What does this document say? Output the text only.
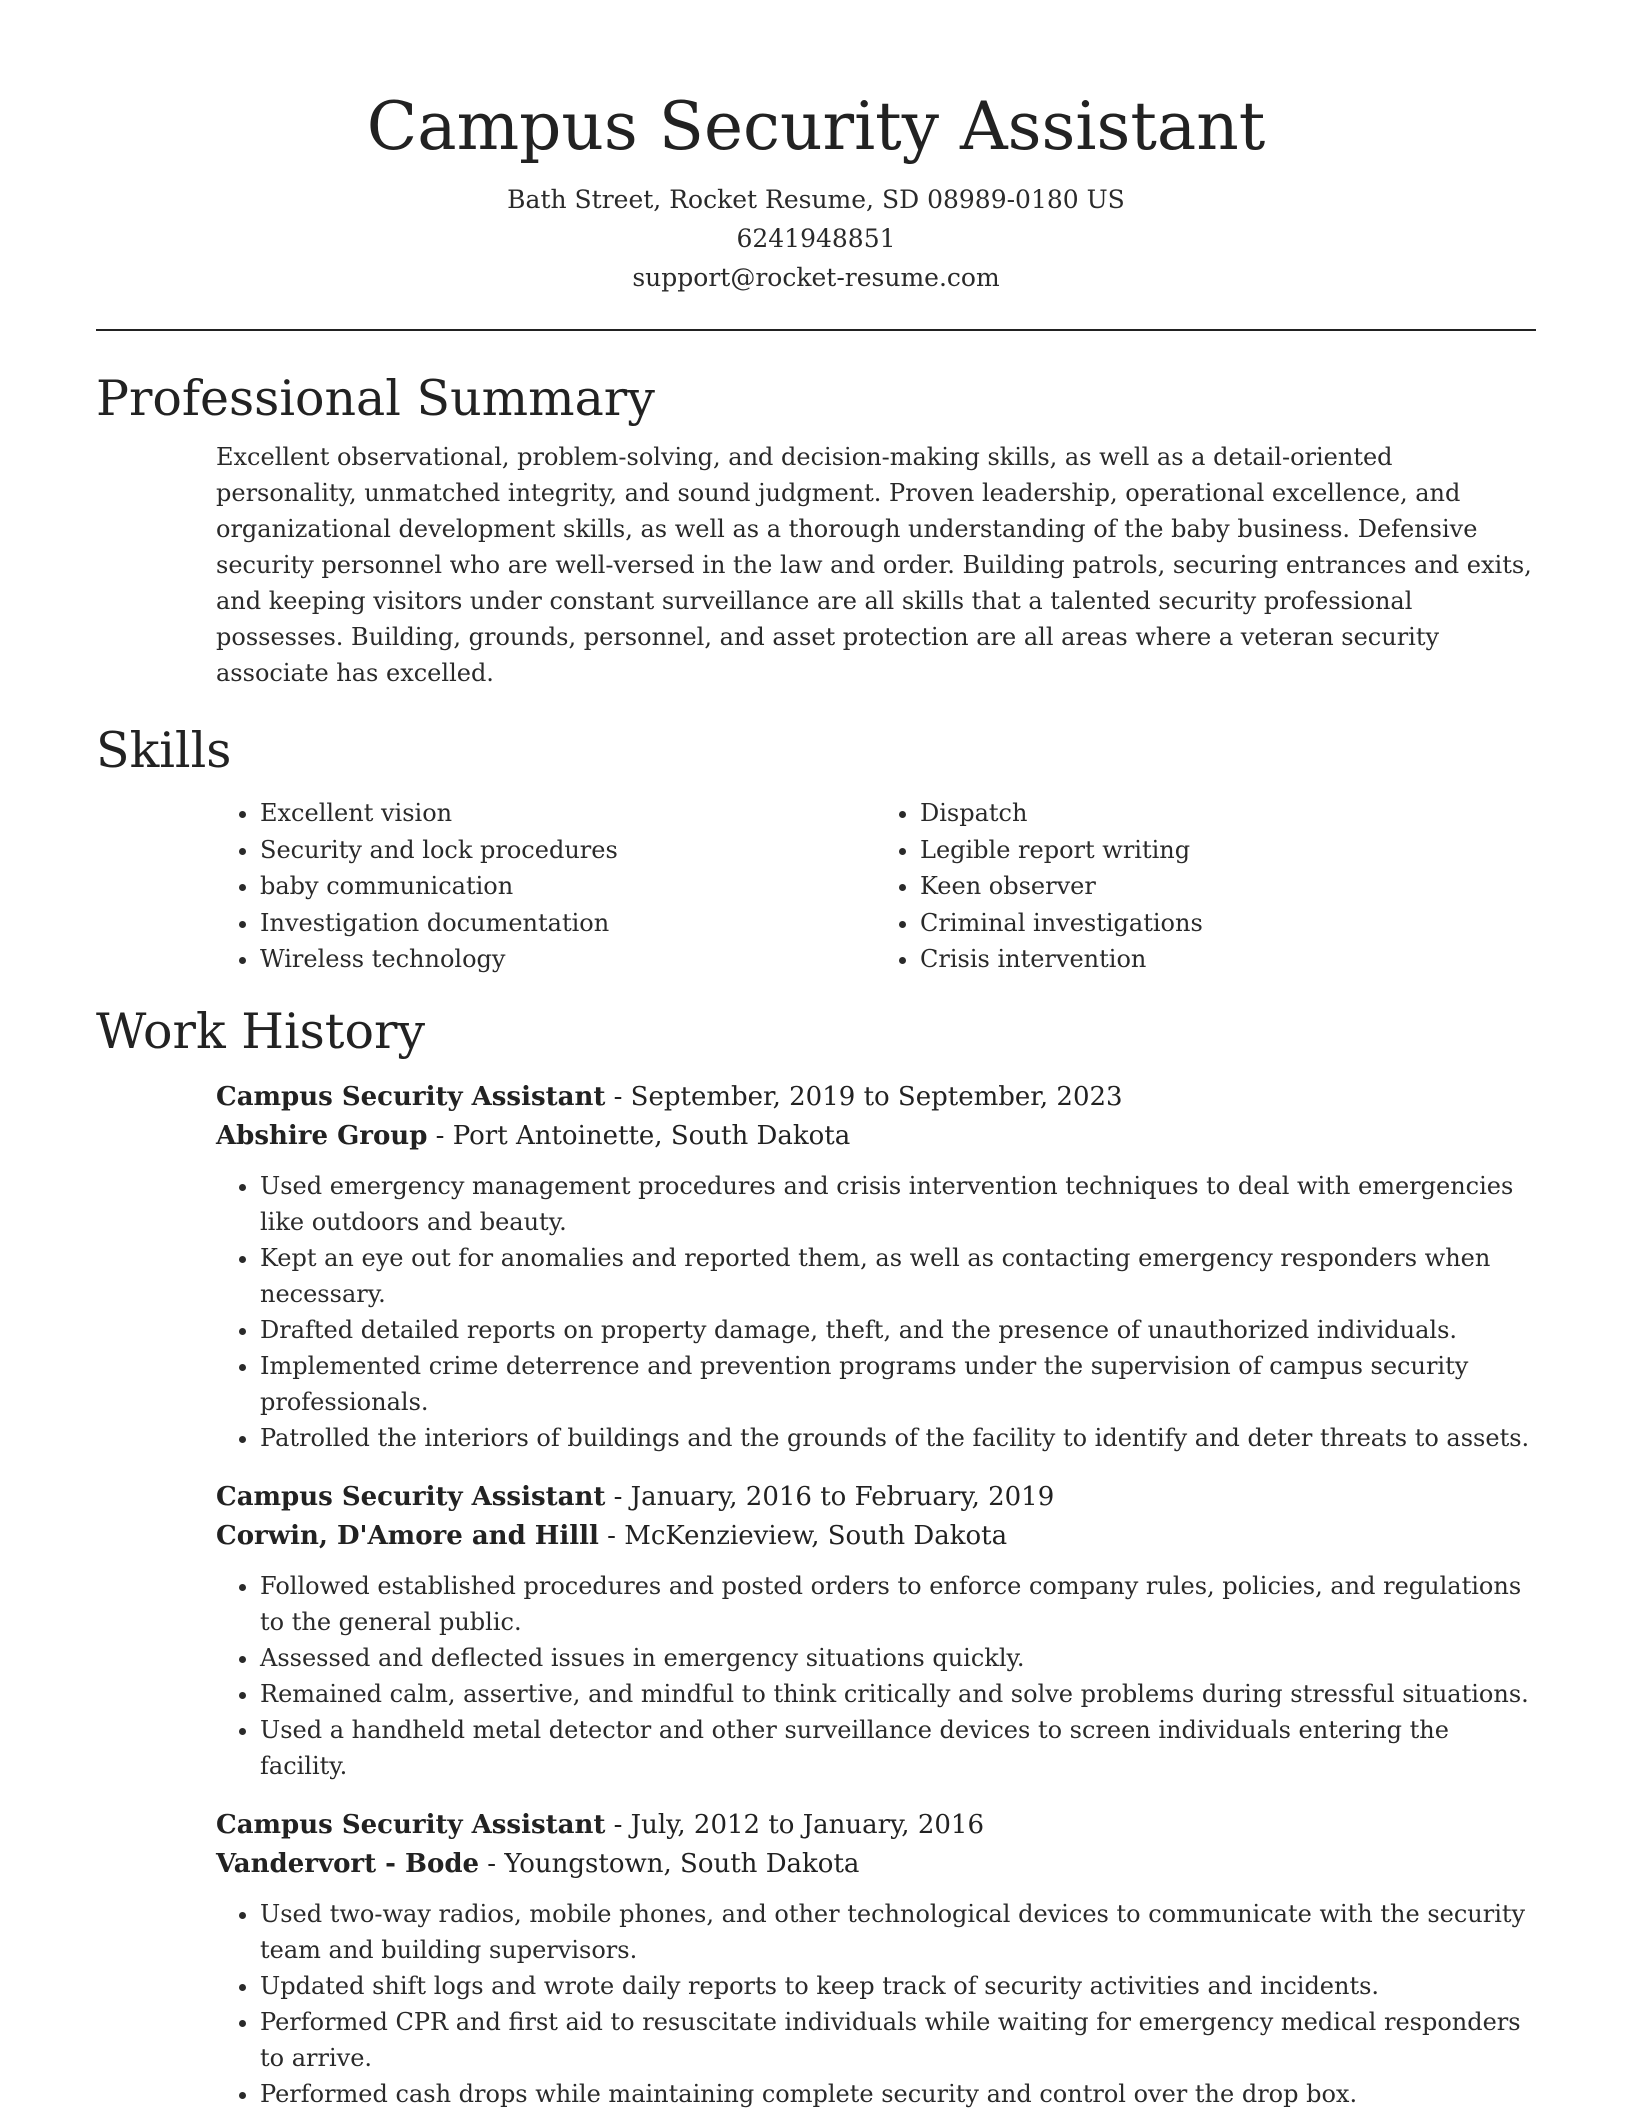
Campus Security Assistant
Bath Street, Rocket Resume, SD 08989-0180 US
6241948851
support@rocket-resume.com
Professional Summary

Excellent observational, problem-solving, and decision-making skills, as well as a detail-oriented personality, unmatched integrity, and sound judgment. Proven leadership, operational excellence, and organizational development skills, as well as a thorough understanding of the baby business. Defensive security personnel who are well-versed in the law and order. Building patrols, securing entrances and exits, and keeping visitors under constant surveillance are all skills that a talented security professional possesses. Building, grounds, personnel, and asset protection are all areas where a veteran security associate has excelled.

Skills
• Excellent vision
• Security and lock procedures
• baby communication
• Investigation documentation
• Wireless technology
• Dispatch
• Legible report writing
• Keen observer
• Criminal investigations
• Crisis intervention
Work History
Campus Security Assistant - September, 2019 to September, 2023
Abshire Group - Port Antoinette, South Dakota
• Used emergency management procedures and crisis intervention techniques to deal with emergencies like outdoors and beauty.
• Kept an eye out for anomalies and reported them, as well as contacting emergency responders when necessary.
• Drafted detailed reports on property damage, theft, and the presence of unauthorized individuals.
• Implemented crime deterrence and prevention programs under the supervision of campus security professionals.
• Patrolled the interiors of buildings and the grounds of the facility to identify and deter threats to assets.
Campus Security Assistant - January, 2016 to February, 2019
Corwin, D'Amore and Hilll - McKenzieview, South Dakota
• Followed established procedures and posted orders to enforce company rules, policies, and regulations to the general public.
• Assessed and deflected issues in emergency situations quickly.
• Remained calm, assertive, and mindful to think critically and solve problems during stressful situations.
• Used a handheld metal detector and other surveillance devices to screen individuals entering the facility.
Campus Security Assistant - July, 2012 to January, 2016
Vandervort - Bode - Youngstown, South Dakota
• Used two-way radios, mobile phones, and other technological devices to communicate with the security team and building supervisors.
• Updated shift logs and wrote daily reports to keep track of security activities and incidents.
• Performed CPR and first aid to resuscitate individuals while waiting for emergency medical responders to arrive.
• Performed cash drops while maintaining complete security and control over the drop box.
